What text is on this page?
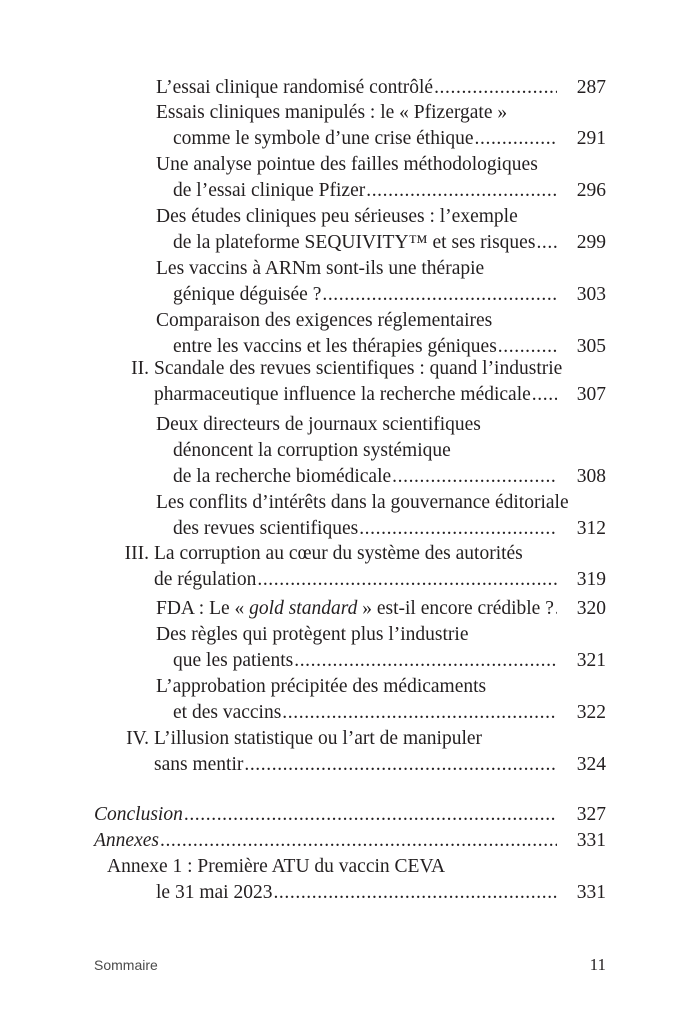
L’essai clinique randomisé contrôlé .....	287
Essais cliniques manipulés : le « Pfizergate »
comme le symbole d’une crise éthique .....	291
Une analyse pointue des failles méthodologiques
de l’essai clinique Pfizer .....	296
Des études cliniques peu sérieuses : l’exemple
de la plateforme SEQUIVITY™ et ses risques ..... 299
Les vaccins à ARNm sont-ils une thérapie
génique déguisée ? .....	303
Comparaison des exigences réglementaires
entre les vaccins et les thérapies géniques .....	305
II. Scandale des revues scientifiques : quand l’industrie
pharmaceutique influence la recherche médicale ..... 307
Deux directeurs de journaux scientifiques
dénoncent la corruption systémique
de la recherche biomédicale .....	308
Les conflits d’intérêts dans la gouvernance éditoriale
des revues scientifiques .....	312
III. La corruption au cœur du système des autorités
de régulation .....	319
FDA : Le « gold standard » est-il encore crédible ? ..... 320
Des règles qui protègent plus l’industrie
que les patients .....	321
L’approbation précipitée des médicaments
et des vaccins .....	322
IV. L’illusion statistique ou l’art de manipuler
sans mentir .....	324
Conclusion .....	327
Annexes .....	331
Annexe 1 : Première ATU du vaccin CEVA
le 31 mai 2023 .....	331
Sommaire	11
